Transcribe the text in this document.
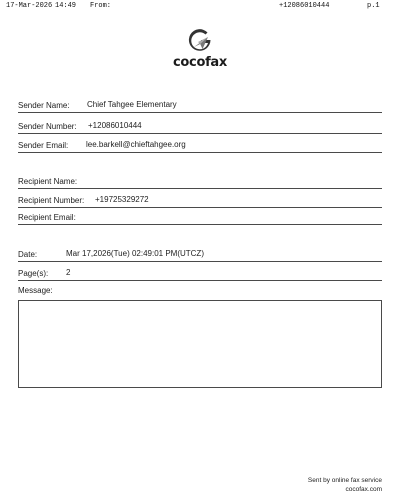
17-Mar-2026 14:49 From:	+12086010444	p.1
cocofax
Sender Name: Chief Tahgee Elementary
Sender Number: +12086010444
Sender Email: lee.barkell@chieftahgee.org
Recipient Name:
Recipient Number: +19725329272
Recipient Email:
Date:	Mar 17,2026(Tue) 02:49:01 PM(UTCZ)
Page(s): 2
Message:
Sent by online fax service
cocofax.com
